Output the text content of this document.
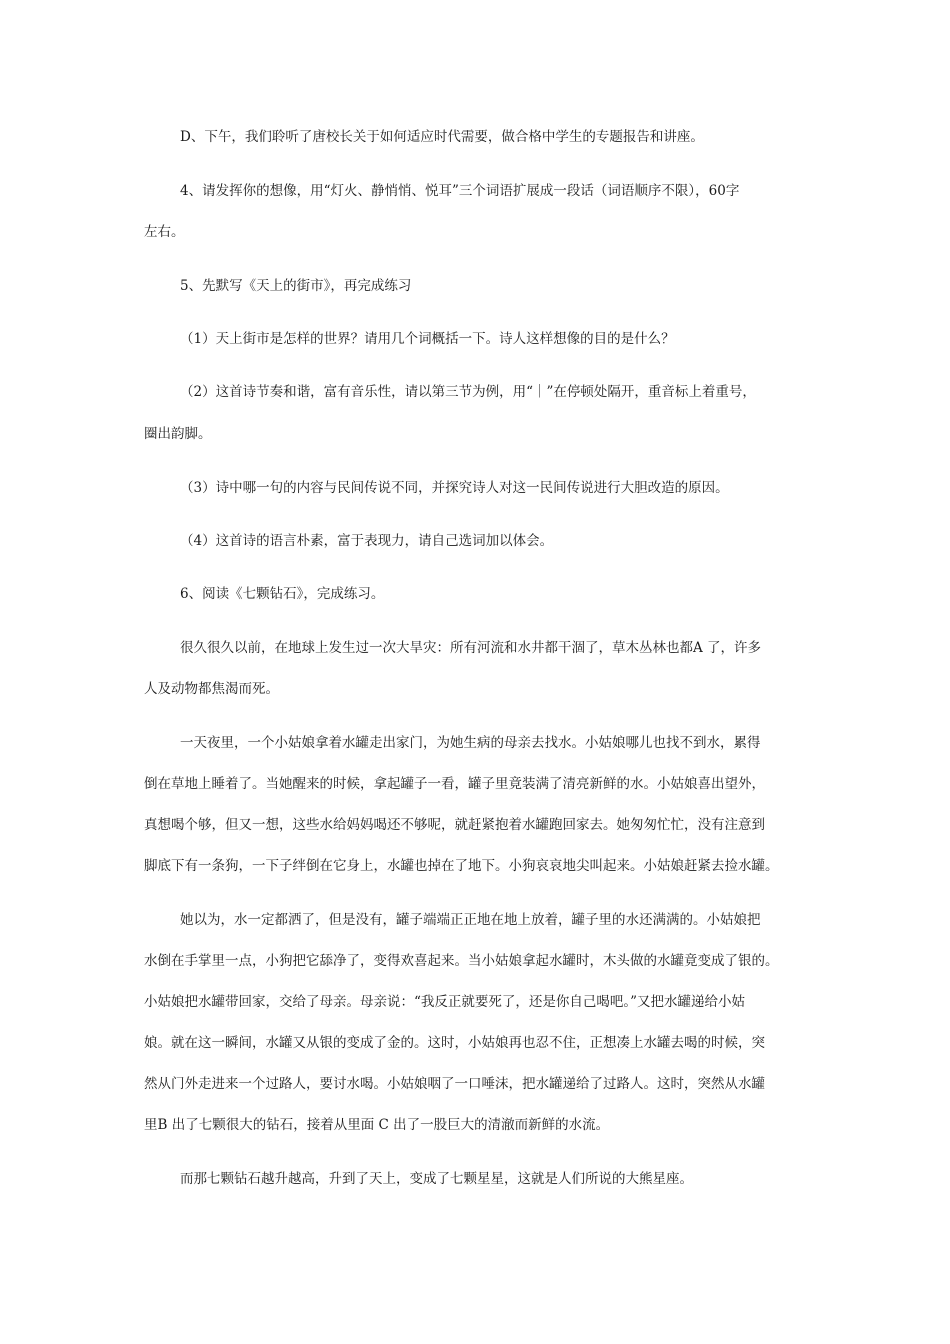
D、下午，我们聆听了唐校长关于如何适应时代需要，做合格中学生的专题报告和讲座。
4、请发挥你的想像，用“灯火、静悄悄、悦耳”三个词语扩展成一段话（词语顺序不限），60字
左右。
5、先默写《天上的街市》，再完成练习
（1）天上街市是怎样的世界？请用几个词概括一下。诗人这样想像的目的是什么？
（2）这首诗节奏和谐，富有音乐性，请以第三节为例，用“｜”在停顿处隔开，重音标上着重号，
圈出韵脚。
（3）诗中哪一句的内容与民间传说不同，并探究诗人对这一民间传说进行大胆改造的原因。
（4）这首诗的语言朴素，富于表现力，请自己选词加以体会。
6、阅读《七颗钻石》，完成练习。
很久很久以前，在地球上发生过一次大旱灾：所有河流和水井都干涸了，草木丛林也都A 了，许多
人及动物都焦渴而死。
一天夜里，一个小姑娘拿着水罐走出家门，为她生病的母亲去找水。小姑娘哪儿也找不到水，累得
倒在草地上睡着了。当她醒来的时候，拿起罐子一看，罐子里竟装满了清亮新鲜的水。小姑娘喜出望外，
真想喝个够，但又一想，这些水给妈妈喝还不够呢，就赶紧抱着水罐跑回家去。她匆匆忙忙，没有注意到
脚底下有一条狗，一下子绊倒在它身上，水罐也掉在了地下。小狗哀哀地尖叫起来。小姑娘赶紧去捡水罐。
她以为，水一定都洒了，但是没有，罐子端端正正地在地上放着，罐子里的水还满满的。小姑娘把
水倒在手掌里一点，小狗把它舔净了，变得欢喜起来。当小姑娘拿起水罐时，木头做的水罐竟变成了银的。
小姑娘把水罐带回家，交给了母亲。母亲说：“我反正就要死了，还是你自己喝吧。”又把水罐递给小姑
娘。就在这一瞬间，水罐又从银的变成了金的。这时，小姑娘再也忍不住，正想凑上水罐去喝的时候，突
然从门外走进来一个过路人，要讨水喝。小姑娘咽了一口唾沫，把水罐递给了过路人。这时，突然从水罐
里B 出了七颗很大的钻石，接着从里面 C 出了一股巨大的清澈而新鲜的水流。
而那七颗钻石越升越高，升到了天上，变成了七颗星星，这就是人们所说的大熊星座。
